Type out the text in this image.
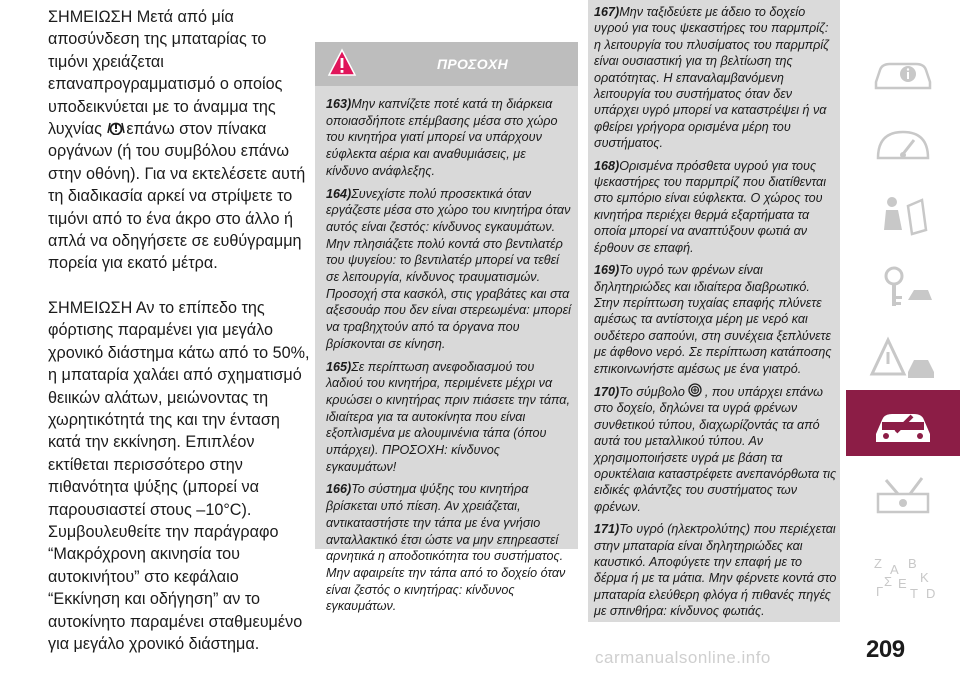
ΣΗΜΕΙΩΣΗ Μετά από μία αποσύνδεση της μπαταρίας το τιμόνι χρειάζεται επαναπρογραμματισμό ο οποίος υποδεικνύεται με το άναμμα της λυχνίας επάνω στον πίνακα οργάνων (ή του συμβόλου επάνω στην οθόνη). Για να εκτελέσετε αυτή τη διαδικασία αρκεί να στρίψετε το τιμόνι από το ένα άκρο στο άλλο ή απλά να οδηγήσετε σε ευθύγραμμη πορεία για εκατό μέτρα.

ΣΗΜΕΙΩΣΗ Αν το επίπεδο της φόρτισης παραμένει για μεγάλο χρονικό διάστημα κάτω από το 50%, η μπαταρία χαλάει από σχηματισμό θειικών αλάτων, μειώνοντας τη χωρητικότητά της και την ένταση κατά την εκκίνηση. Επιπλέον εκτίθεται περισσότερο στην πιθανότητα ψύξης (μπορεί να παρουσιαστεί στους –10°C). Συμβουλευθείτε την παράγραφο “Μακρόχρονη ακινησία του αυτοκινήτου” στο κεφάλαιο “Εκκίνηση και οδήγηση” αν το αυτοκίνητο παραμένει σταθμευμένο για μεγάλο χρονικό διάστημα.

ΠΡΟΣΟΧΗ

163)Μην καπνίζετε ποτέ κατά τη διάρκεια οποιασδήποτε επέμβασης μέσα στο χώρο του κινητήρα γιατί μπορεί να υπάρχουν εύφλεκτα αέρια και αναθυμιάσεις, με κίνδυνο ανάφλεξης.

164)Συνεχίστε πολύ προσεκτικά όταν εργάζεστε μέσα στο χώρο του κινητήρα όταν αυτός είναι ζεστός: κίνδυνος εγκαυμάτων. Μην πλησιάζετε πολύ κοντά στο βεντιλατέρ του ψυγείου: το βεντιλατέρ μπορεί να τεθεί σε λειτουργία, κίνδυνος τραυματισμών. Προσοχή στα κασκόλ, στις γραβάτες και στα αξεσουάρ που δεν είναι στερεωμένα: μπορεί να τραβηχτούν από τα όργανα που βρίσκονται σε κίνηση.

165)Σε περίπτωση ανεφοδιασμού του λαδιού του κινητήρα, περιμένετε μέχρι να κρυώσει ο κινητήρας πριν πιάσετε την τάπα, ιδιαίτερα για τα αυτοκίνητα που είναι εξοπλισμένα με αλουμινένια τάπα (όπου υπάρχει). ΠΡΟΣΟΧΗ: κίνδυνος εγκαυμάτων!

166)Το σύστημα ψύξης του κινητήρα βρίσκεται υπό πίεση. Αν χρειάζεται, αντικαταστήστε την τάπα με ένα γνήσιο ανταλλακτικό έτσι ώστε να μην επηρεαστεί αρνητικά η αποδοτικότητα του συστήματος. Μην αφαιρείτε την τάπα από το δοχείο όταν είναι ζεστός ο κινητήρας: κίνδυνος εγκαυμάτων.

167)Μην ταξιδεύετε με άδειο το δοχείο υγρού για τους ψεκαστήρες του παρμπρίζ: η λειτουργία του πλυσίματος του παρμπρίζ είναι ουσιαστική για τη βελτίωση της ορατότητας. Η επαναλαμβανόμενη λειτουργία του συστήματος όταν δεν υπάρχει υγρό μπορεί να καταστρέψει ή να φθείρει γρήγορα ορισμένα μέρη του συστήματος.

168)Ορισμένα πρόσθετα υγρού για τους ψεκαστήρες του παρμπρίζ που διατίθενται στο εμπόριο είναι εύφλεκτα. Ο χώρος του κινητήρα περιέχει θερμά εξαρτήματα τα οποία μπορεί να αναπτύξουν φωτιά αν έρθουν σε επαφή.

169)Το υγρό των φρένων είναι δηλητηριώδες και ιδιαίτερα διαβρωτικό. Στην περίπτωση τυχαίας επαφής πλύνετε αμέσως τα αντίστοιχα μέρη με νερό και ουδέτερο σαπούνι, στη συνέχεια ξεπλύνετε με άφθονο νερό. Σε περίπτωση κατάποσης επικοινωνήστε αμέσως με ένα γιατρό.

170)Το σύμβολο , που υπάρχει επάνω στο δοχείο, δηλώνει τα υγρά φρένων συνθετικού τύπου, διαχωρίζοντάς τα από αυτά του μεταλλικού τύπου. Αν χρησιμοποιήσετε υγρά με βάση τα ορυκτέλαια καταστρέφετε ανεπανόρθωτα τις ειδικές φλάντζες του συστήματος των φρένων.

171)Το υγρό (ηλεκτρολύτης) που περιέχεται στην μπαταρία είναι δηλητηριώδες και καυστικό. Αποφύγετε την επαφή με το δέρμα ή με τα μάτια. Μην φέρνετε κοντά στο μπαταρία ελεύθερη φλόγα ή πιθανές πηγές με σπινθήρα: κίνδυνος φωτιάς.

Z A B
Ε Κ
Γ
Σ
Τ D
carmanualsonline.info	209
